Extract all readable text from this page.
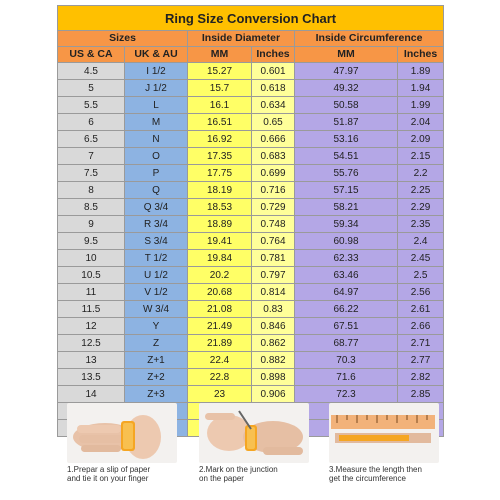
Ring Size Conversion Chart					
Sizes		Inside Diameter		Inside Circumference	
US & CA	UK & AU	MM	Inches	MM	Inches
4.5	I 1/2	15.27	0.601	47.97	1.89
5	J 1/2	15.7	0.618	49.32	1.94
5.5	L	16.1	0.634	50.58	1.99
6	M	16.51	0.65	51.87	2.04
6.5	N	16.92	0.666	53.16	2.09
7	O	17.35	0.683	54.51	2.15
7.5	P	17.75	0.699	55.76	2.2
8	Q	18.19	0.716	57.15	2.25
8.5	Q 3/4	18.53	0.729	58.21	2.29
9	R 3/4	18.89	0.748	59.34	2.35
9.5	S 3/4	19.41	0.764	60.98	2.4
10	T 1/2	19.84	0.781	62.33	2.45
10.5	U 1/2	20.2	0.797	63.46	2.5
11	V 1/2	20.68	0.814	64.97	2.56
11.5	W 3/4	21.08	0.83	66.22	2.61
12	Y	21.49	0.846	67.51	2.66
12.5	Z	21.89	0.862	68.77	2.71
13	Z+1	22.4	0.882	70.3	2.77
13.5	Z+2	22.8	0.898	71.6	2.82
14	Z+3	23	0.906	72.3	2.85

1.Prepar a slip of paper
and tie it on your finger
2.Mark on the junction
on the paper
3.Measure the length then
get the circumference
